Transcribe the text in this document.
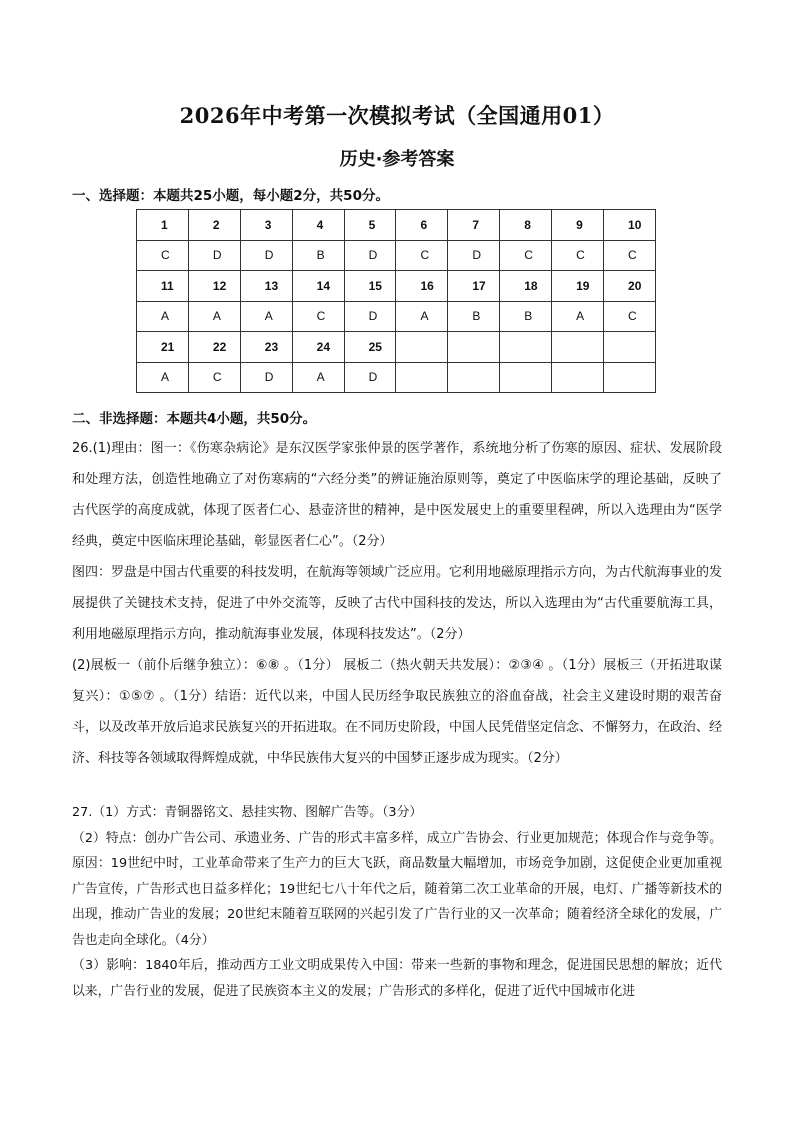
2026年中考第一次模拟考试（全国通用01）
历史·参考答案
一、选择题：本题共25小题，每小题2分，共50分。
1	2	3	4	5	6	7	8	9	10
C	D	D	B	D	C	D	C	C	C
11	12	13	14	15	16	17	18	19	20
A	A	A	C	D	A	B	B	A	C
21	22	23	24	25					
A	C	D	A	D					
二、非选择题：本题共4小题，共50分。

26.(1)理由：图一：《伤寒杂病论》是东汉医学家张仲景的医学著作，系统地分析了伤寒的原因、症状、发展阶段和处理方法，创造性地确立了对伤寒病的“六经分类”的辨证施治原则等，奠定了中医临床学的理论基础，反映了古代医学的高度成就，体现了医者仁心、悬壶济世的精神，是中医发展史上的重要里程碑，所以入选理由为“医学经典，奠定中医临床理论基础，彰显医者仁心”。（2分）

图四：罗盘是中国古代重要的科技发明，在航海等领域广泛应用。它利用地磁原理指示方向，为古代航海事业的发展提供了关键技术支持，促进了中外交流等，反映了古代中国科技的发达，所以入选理由为“古代重要航海工具，利用地磁原理指示方向，推动航海事业发展，体现科技发达”。（2分）

(2)展板一（前仆后继争独立）：⑥⑧ 。（1分） 展板二（热火朝天共发展）：②③④ 。（1分）展板三（开拓进取谋复兴）：①⑤⑦ 。（1分）结语：近代以来，中国人民历经争取民族独立的浴血奋战，社会主义建设时期的艰苦奋斗，以及改革开放后追求民族复兴的开拓进取。在不同历史阶段，中国人民凭借坚定信念、不懈努力，在政治、经济、科技等各领域取得辉煌成就，中华民族伟大复兴的中国梦正逐步成为现实。（2分）

27.（1）方式：青铜器铭文、悬挂实物、图解广告等。（3分）

（2）特点：创办广告公司、承遗业务、广告的形式丰富多样，成立广告协会、行业更加规范；体现合作与竞争等。原因：19世纪中时，工业革命带来了生产力的巨大飞跃，商品数量大幅增加，市场竞争加剧，这促使企业更加重视广告宣传，广告形式也日益多样化；19世纪七八十年代之后，随着第二次工业革命的开展，电灯、广播等新技术的出现，推动广告业的发展；20世纪末随着互联网的兴起引发了广告行业的又一次革命；随着经济全球化的发展，广告也走向全球化。（4分）

（3）影响：1840年后，推动西方工业文明成果传入中国：带来一些新的事物和理念，促进国民思想的解放；近代以来，广告行业的发展，促进了民族资本主义的发展；广告形式的多样化，促进了近代中国城市化进
